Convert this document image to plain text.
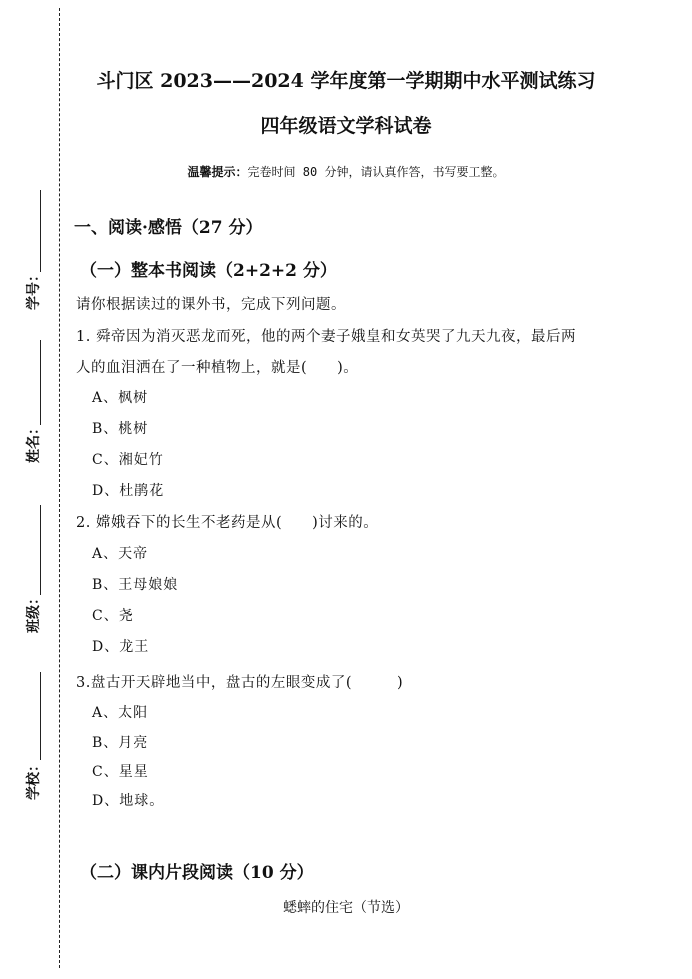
学号：
姓名：
班级：
学校：
斗门区 2023——2024 学年度第一学期期中水平测试练习
四年级语文学科试卷
温馨提示：完卷时间 80 分钟，请认真作答，书写要工整。
一、阅读·感悟（27 分）
（一）整本书阅读（2+2+2 分）
请你根据读过的课外书，完成下列问题。
1. 舜帝因为消灭恶龙而死，他的两个妻子娥皇和女英哭了九天九夜，最后两
人的血泪洒在了一种植物上，就是(　　)。
A、枫树
B、桃树
C、湘妃竹
D、杜鹃花
2. 嫦娥吞下的长生不老药是从(　　)讨来的。
A、天帝
B、王母娘娘
C、尧
D、龙王
3.盘古开天辟地当中，盘古的左眼变成了(　　　)
A、太阳
B、月亮
C、星星
D、地球。
（二）课内片段阅读（10 分）
蟋蟀的住宅（节选）
